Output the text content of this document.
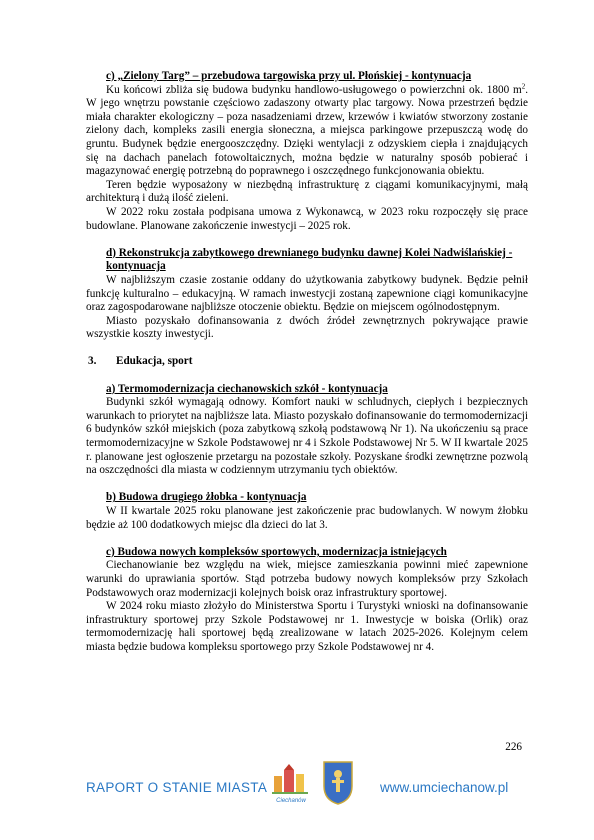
c) „Zielony Targ” – przebudowa targowiska przy ul. Płońskiej - kontynuacja

Ku końcowi zbliża się budowa budynku handlowo-usługowego o powierzchni ok. 1800 $m^2$. W jego wnętrzu powstanie częściowo zadaszony otwarty plac targowy. Nowa przestrzeń będzie miała charakter ekologiczny – poza nasadzeniami drzew, krzewów i kwiatów stworzony zostanie zielony dach, kompleks zasili energia słoneczna, a miejsca parkingowe przepuszczą wodę do gruntu. Budynek będzie energooszczędny. Dzięki wentylacji z odzyskiem ciepła i znajdujących się na dachach panelach fotowoltaicznych, można będzie w naturalny sposób pobierać i magazynować energię potrzebną do poprawnego i oszczędnego funkcjonowania obiektu.

Teren będzie wyposażony w niezbędną infrastrukturę z ciągami komunikacyjnymi, małą architekturą i dużą ilość zieleni.

W 2022 roku została podpisana umowa z Wykonawcą, w 2023 roku rozpoczęły się prace budowlane. Planowane zakończenie inwestycji – 2025 rok.

d) Rekonstrukcja zabytkowego drewnianego budynku dawnej Kolei Nadwiślańskiej - kontynuacja

W najbliższym czasie zostanie oddany do użytkowania zabytkowy budynek. Będzie pełnił funkcję kulturalno – edukacyjną. W ramach inwestycji zostaną zapewnione ciągi komunikacyjne oraz zagospodarowane najbliższe otoczenie obiektu. Będzie on miejscem ogólnodostępnym.

Miasto pozyskało dofinansowania z dwóch źródeł zewnętrznych pokrywające prawie wszystkie koszty inwestycji.

3. Edukacja, sport

a) Termomodernizacja ciechanowskich szkół - kontynuacja

Budynki szkół wymagają odnowy. Komfort nauki w schludnych, ciepłych i bezpiecznych warunkach to priorytet na najbliższe lata. Miasto pozyskało dofinansowanie do termomodernizacji 6 budynków szkół miejskich (poza zabytkową szkołą podstawową Nr 1). Na ukończeniu są prace termomodernizacyjne w Szkole Podstawowej nr 4 i Szkole Podstawowej Nr 5. W II kwartale 2025 r. planowane jest ogłoszenie przetargu na pozostałe szkoły. Pozyskane środki zewnętrzne pozwolą na oszczędności dla miasta w codziennym utrzymaniu tych obiektów.

b) Budowa drugiego żłobka - kontynuacja

W II kwartale 2025 roku planowane jest zakończenie prac budowlanych. W nowym żłobku będzie aż 100 dodatkowych miejsc dla dzieci do lat 3.

c) Budowa nowych kompleksów sportowych, modernizacja istniejących

Ciechanowianie bez względu na wiek, miejsce zamieszkania powinni mieć zapewnione warunki do uprawiania sportów. Stąd potrzeba budowy nowych kompleksów przy Szkołach Podstawowych oraz modernizacji kolejnych boisk oraz infrastruktury sportowej.

W 2024 roku miasto złożyło do Ministerstwa Sportu i Turystyki wnioski na dofinansowanie infrastruktury sportowej przy Szkole Podstawowej nr 1. Inwestycje w boiska (Orlik) oraz termomodernizację hali sportowej będą zrealizowane w latach 2025-2026. Kolejnym celem miasta będzie budowa kompleksu sportowego przy Szkole Podstawowej nr 4.

226
RAPORT O STANIE MIASTA
Ciechanów
www.umciechanow.pl
